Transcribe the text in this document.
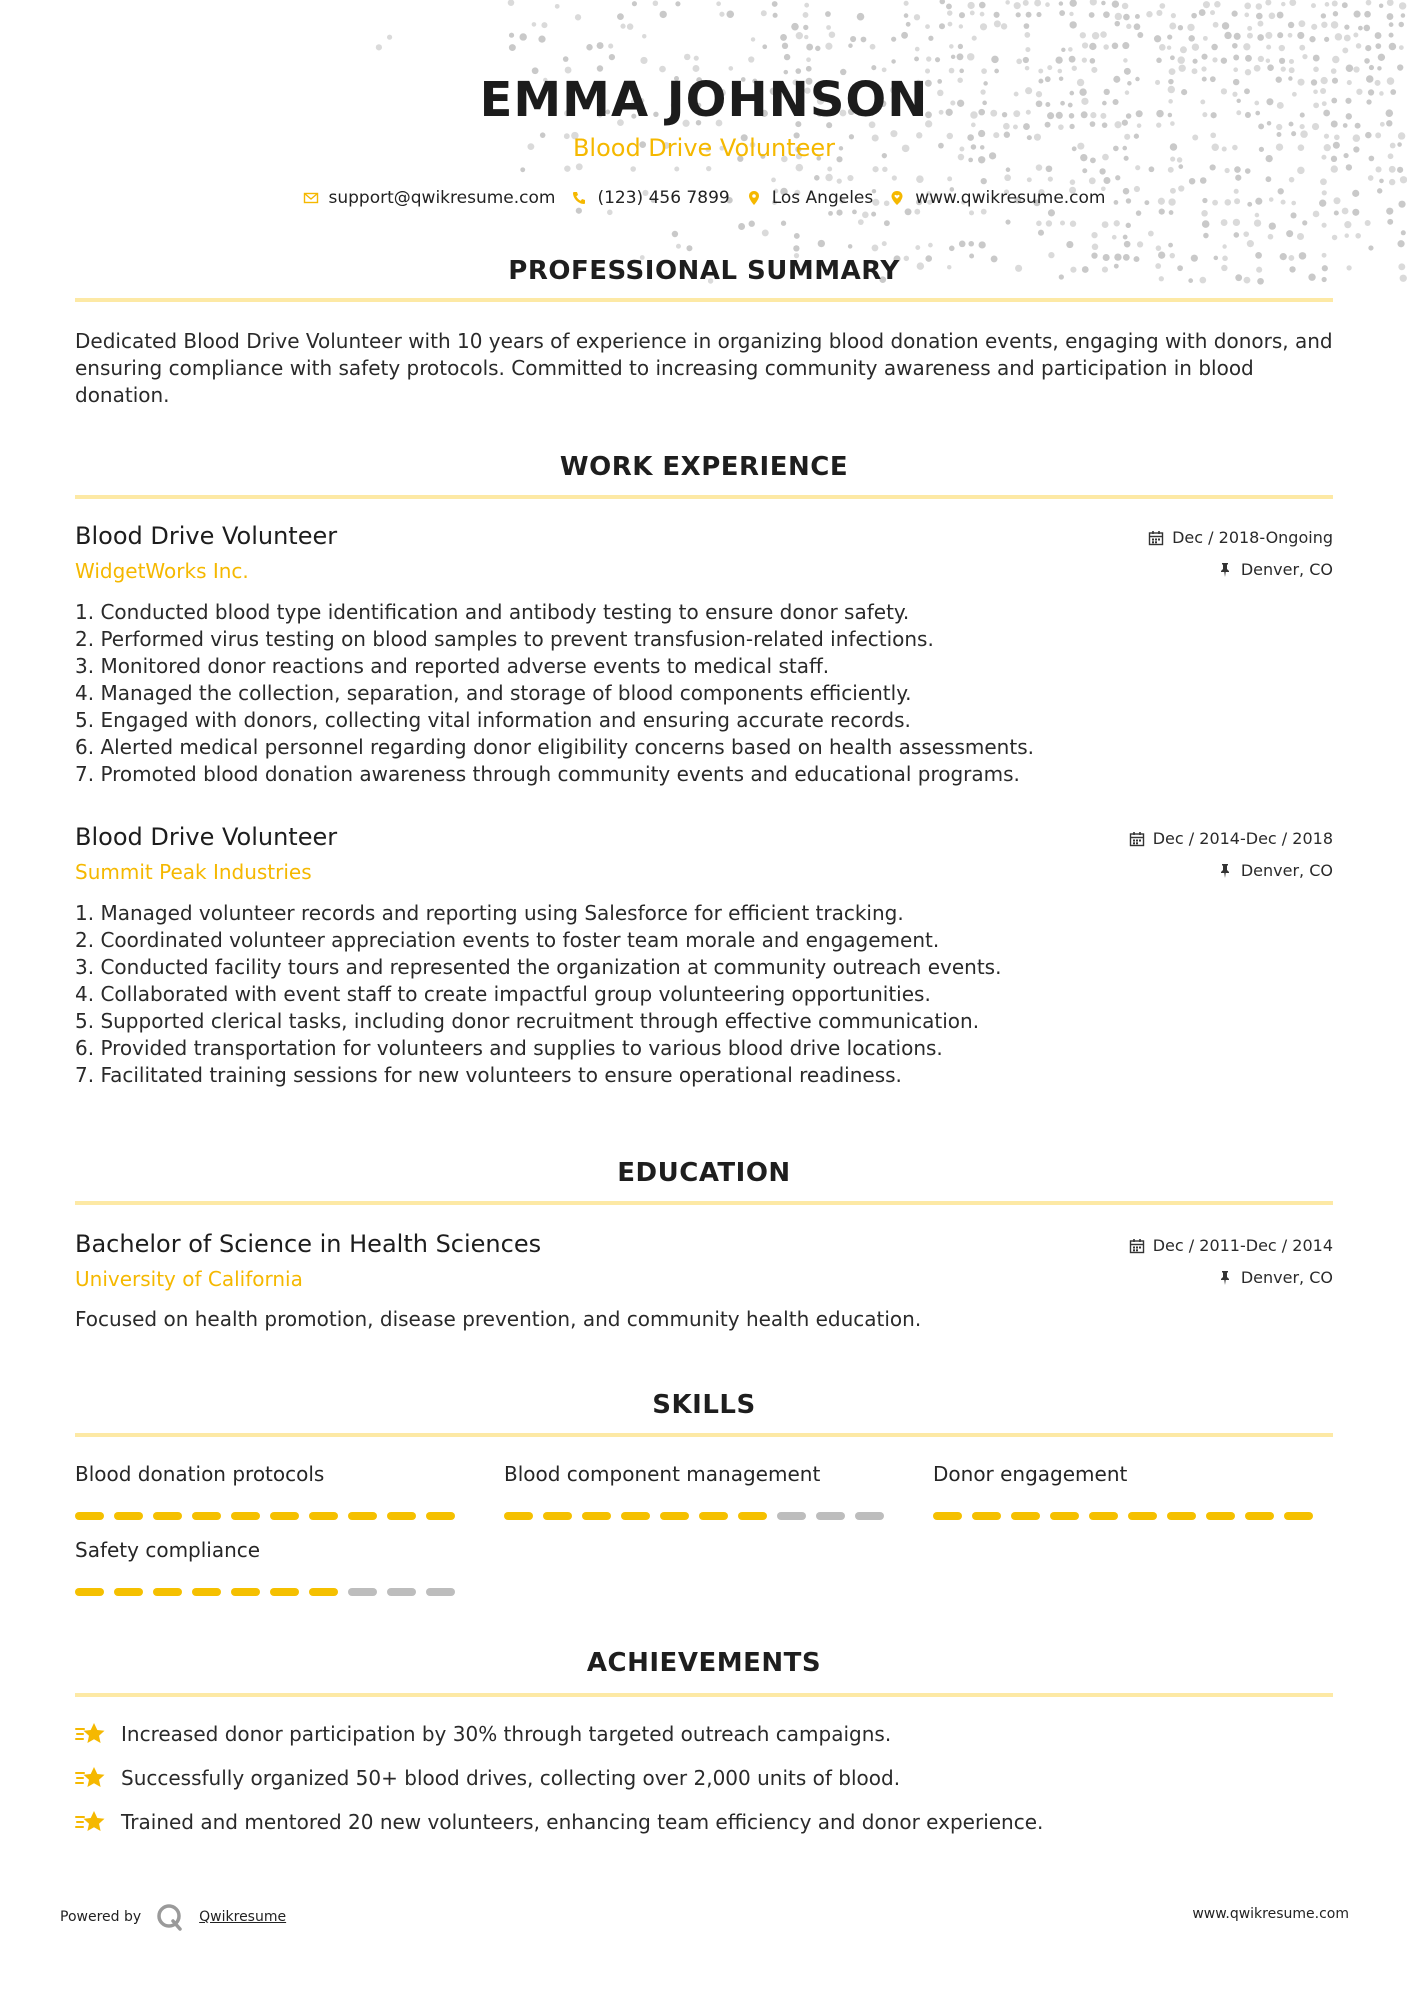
EMMA JOHNSON
Blood Drive Volunteer
support@qwikresume.com (123) 456 7899 Los Angeles www.qwikresume.com
PROFESSIONAL SUMMARY
Dedicated Blood Drive Volunteer with 10 years of experience in organizing blood donation events, engaging with donors, and ensuring compliance with safety protocols. Committed to increasing community awareness and participation in blood donation.
WORK EXPERIENCE
Blood Drive Volunteer
WidgetWorks Inc.
Dec / 2018-Ongoing
Denver, CO
1. Conducted blood type identification and antibody testing to ensure donor safety.
2. Performed virus testing on blood samples to prevent transfusion-related infections.
3. Monitored donor reactions and reported adverse events to medical staff.
4. Managed the collection, separation, and storage of blood components efficiently.
5. Engaged with donors, collecting vital information and ensuring accurate records.
6. Alerted medical personnel regarding donor eligibility concerns based on health assessments.
7. Promoted blood donation awareness through community events and educational programs.
Blood Drive Volunteer
Summit Peak Industries
Dec / 2014-Dec / 2018
Denver, CO
1. Managed volunteer records and reporting using Salesforce for efficient tracking.
2. Coordinated volunteer appreciation events to foster team morale and engagement.
3. Conducted facility tours and represented the organization at community outreach events.
4. Collaborated with event staff to create impactful group volunteering opportunities.
5. Supported clerical tasks, including donor recruitment through effective communication.
6. Provided transportation for volunteers and supplies to various blood drive locations.
7. Facilitated training sessions for new volunteers to ensure operational readiness.
EDUCATION
Bachelor of Science in Health Sciences
University of California
Dec / 2011-Dec / 2014
Denver, CO
Focused on health promotion, disease prevention, and community health education.
SKILLS
Blood donation protocols	Blood component management	Donor engagement
Safety compliance
ACHIEVEMENTS
Increased donor participation by 30% through targeted outreach campaigns.
Successfully organized 50+ blood drives, collecting over 2,000 units of blood.
Trained and mentored 20 new volunteers, enhancing team efficiency and donor experience.
Powered by	Qwikresume	www.qwikresume.com
